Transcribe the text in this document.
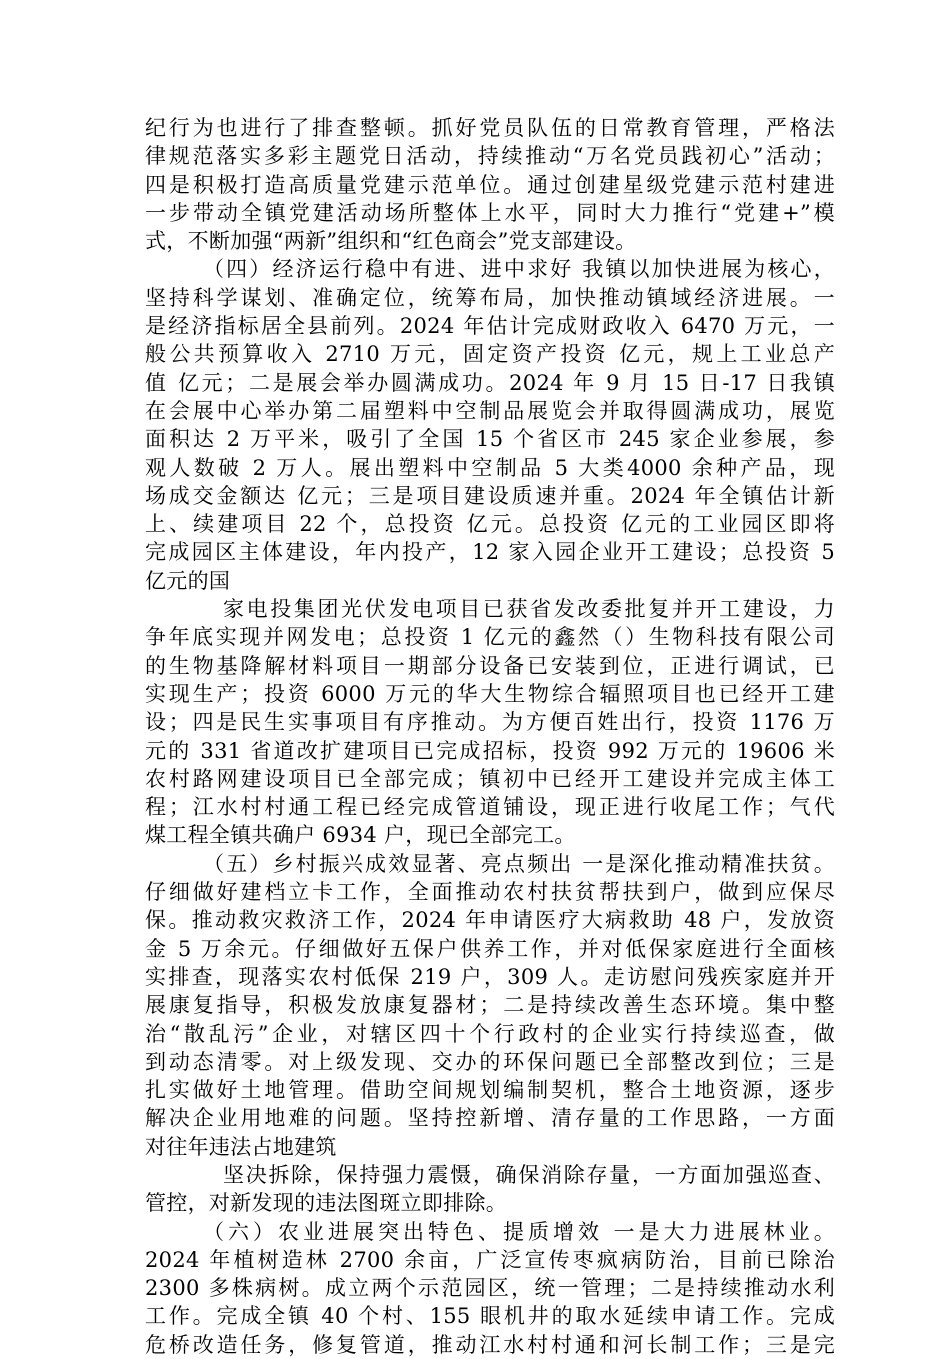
纪行为也进行了排查整顿。抓好党员队伍的日常教育管理，严格法
律规范落实多彩主题党日活动，持续推动“万名党员践初心”活动；
四是积极打造高质量党建示范单位。通过创建星级党建示范村建进
一步带动全镇党建活动场所整体上水平，同时大力推行“党建+”模
式，不断加强“两新”组织和“红色商会”党支部建设。
（四）经济运行稳中有进、进中求好 我镇以加快进展为核心，
坚持科学谋划、准确定位，统筹布局，加快推动镇域经济进展。一
是经济指标居全县前列。2024 年估计完成财政收入 6470 万元，一
般公共预算收入 2710 万元，固定资产投资 亿元，规上工业总产
值 亿元；二是展会举办圆满成功。2024 年 9 月 15 日-17 日我镇
在会展中心举办第二届塑料中空制品展览会并取得圆满成功，展览
面积达 2 万平米，吸引了全国 15 个省区市 245 家企业参展，参
观人数破 2 万人。展出塑料中空制品 5 大类4000 余种产品，现
场成交金额达 亿元；三是项目建设质速并重。2024 年全镇估计新
上、续建项目 22 个，总投资 亿元。总投资 亿元的工业园区即将
完成园区主体建设，年内投产，12 家入园企业开工建设；总投资 5
亿元的国
家电投集团光伏发电项目已获省发改委批复并开工建设，力
争年底实现并网发电；总投资 1 亿元的鑫然（）生物科技有限公司
的生物基降解材料项目一期部分设备已安装到位，正进行调试，已
实现生产；投资 6000 万元的华大生物综合辐照项目也已经开工建
设；四是民生实事项目有序推动。为方便百姓出行，投资 1176 万
元的 331 省道改扩建项目已完成招标，投资 992 万元的 19606 米
农村路网建设项目已全部完成；镇初中已经开工建设并完成主体工
程；江水村村通工程已经完成管道铺设，现正进行收尾工作；气代
煤工程全镇共确户 6934 户，现已全部完工。
（五）乡村振兴成效显著、亮点频出 一是深化推动精准扶贫。
仔细做好建档立卡工作，全面推动农村扶贫帮扶到户，做到应保尽
保。推动救灾救济工作，2024 年申请医疗大病救助 48 户，发放资
金 5 万余元。仔细做好五保户供养工作，并对低保家庭进行全面核
实排查，现落实农村低保 219 户，309 人。走访慰问残疾家庭并开
展康复指导，积极发放康复器材；二是持续改善生态环境。集中整
治“散乱污”企业，对辖区四十个行政村的企业实行持续巡查，做
到动态清零。对上级发现、交办的环保问题已全部整改到位；三是
扎实做好土地管理。借助空间规划编制契机，整合土地资源，逐步
解决企业用地难的问题。坚持控新增、清存量的工作思路，一方面
对往年违法占地建筑
坚决拆除，保持强力震慑，确保消除存量，一方面加强巡查、
管控，对新发现的违法图斑立即排除。
（六）农业进展突出特色、提质增效 一是大力进展林业。
2024 年植树造林 2700 余亩，广泛宣传枣疯病防治，目前已除治
2300 多株病树。成立两个示范园区，统一管理；二是持续推动水利
工作。完成全镇 40 个村、155 眼机井的取水延续申请工作。完成
危桥改造任务，修复管道，推动江水村村通和河长制工作；三是完
